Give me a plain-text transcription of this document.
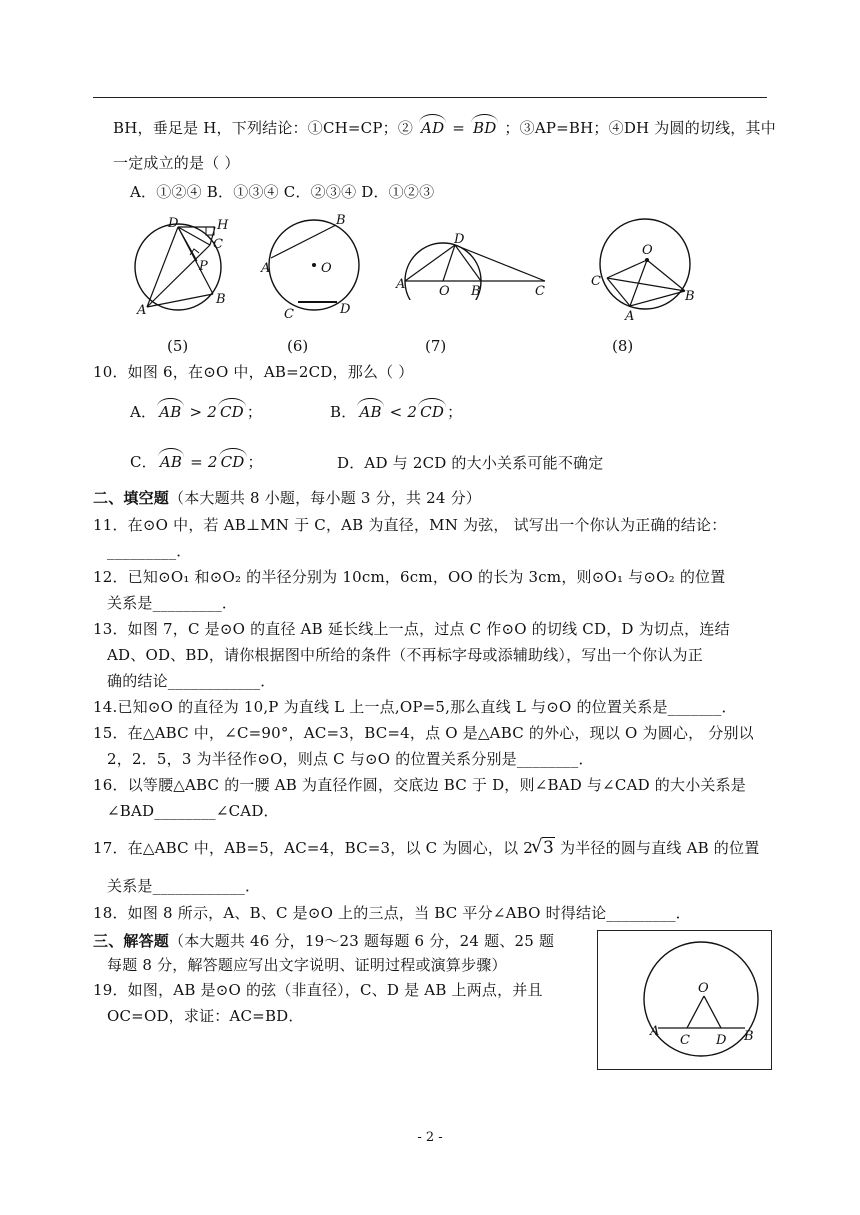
BH，垂足是 H，下列结论：①CH=CP；② AD = BD ；③AP=BH；④DH 为圆的切线，其中
一定成立的是（ ）
A．①②④ B．①③④ C．②③④ D．①②③
D	H
C
P
A
B
(5)
B
A	O
C	D
(6)
D
A	O B	C
(7)
O
C
B
A
(8)
10．如图 6，在⊙O 中，AB=2CD，那么（ ）
A． AB > 2 CD ；	B． AB < 2 CD ；
C． AB = 2 CD ；	D．AD 与 2CD 的大小关系可能不确定
二、填空题（本大题共 8 小题，每小题 3 分，共 24 分）
11．在⊙O 中，若 AB⊥MN 于 C，AB 为直径，MN 为弦， 试写出一个你认为正确的结论：
_________．
12．已知⊙O₁ 和⊙O₂ 的半径分别为 10cm，6cm，OO 的长为 3cm，则⊙O₁ 与⊙O₂ 的位置
关系是_________．
13．如图 7，C 是⊙O 的直径 AB 延长线上一点，过点 C 作⊙O 的切线 CD，D 为切点，连结
AD、OD、BD，请你根据图中所给的条件（不再标字母或添辅助线），写出一个你认为正
确的结论____________．
14.已知⊙O 的直径为 10,P 为直线 L 上一点,OP=5,那么直线 L 与⊙O 的位置关系是_______．
15．在△ABC 中，∠C=90°，AC=3，BC=4，点 O 是△ABC 的外心，现以 O 为圆心， 分别以
2，2．5，3 为半径作⊙O，则点 C 与⊙O 的位置关系分别是________．
16．以等腰△ABC 的一腰 AB 为直径作圆，交底边 BC 于 D，则∠BAD 与∠CAD 的大小关系是
∠BAD________∠CAD．
17．在△ABC 中，AB=5，AC=4，BC=3，以 C 为圆心，以 2√ 3 为半径的圆与直线 AB 的位置
关系是____________．
18．如图 8 所示，A、B、C 是⊙O 上的三点，当 BC 平分∠ABO 时得结论_________．
三、解答题（本大题共 46 分，19～23 题每题 6 分，24 题、25 题
每题 8 分，解答题应写出文字说明、证明过程或演算步骤）
19．如图，AB 是⊙O 的弦（非直径），C、D 是 AB 上两点，并且
OC=OD，求证：AC=BD．
O
A
C D B
- 2 -
